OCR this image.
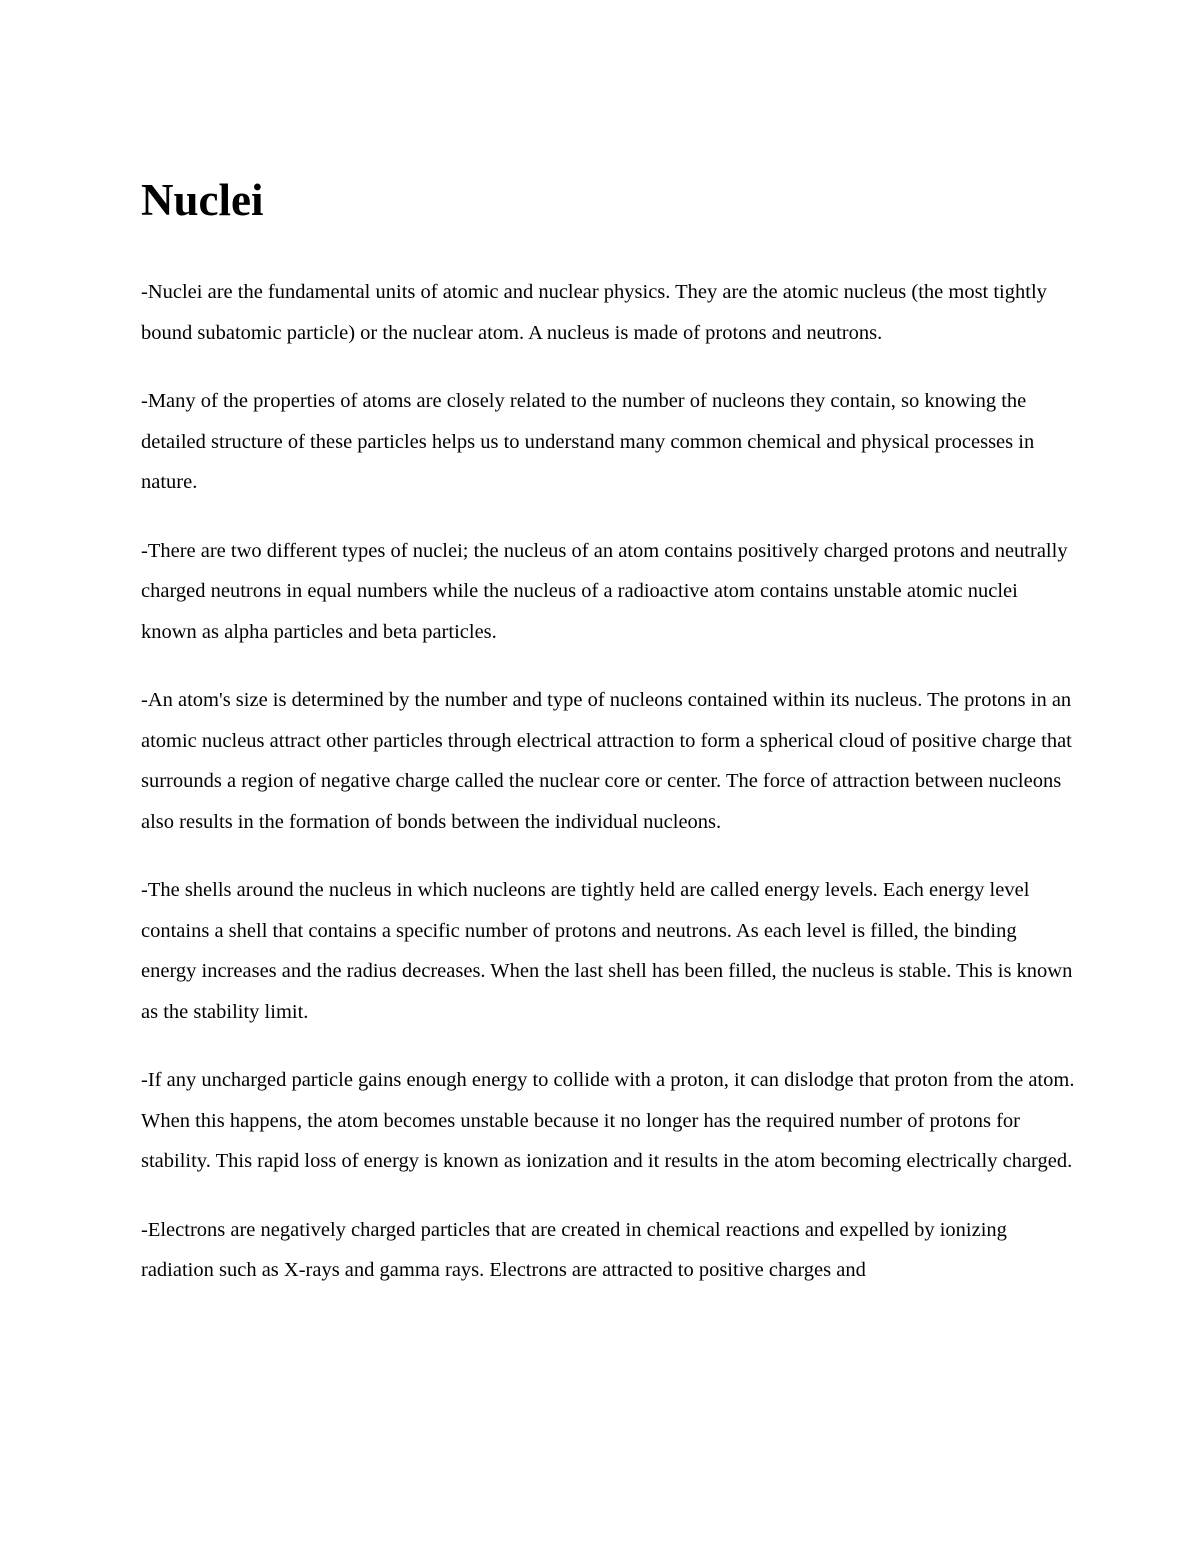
Nuclei

-Nuclei are the fundamental units of atomic and nuclear physics. They are the atomic nucleus (the most tightly bound subatomic particle) or the nuclear atom. A nucleus is made of protons and neutrons.

-Many of the properties of atoms are closely related to the number of nucleons they contain, so knowing the detailed structure of these particles helps us to understand many common chemical and physical processes in nature.

-There are two different types of nuclei; the nucleus of an atom contains positively charged protons and neutrally charged neutrons in equal numbers while the nucleus of a radioactive atom contains unstable atomic nuclei known as alpha particles and beta particles.

-An atom's size is determined by the number and type of nucleons contained within its nucleus. The protons in an atomic nucleus attract other particles through electrical attraction to form a spherical cloud of positive charge that surrounds a region of negative charge called the nuclear core or center. The force of attraction between nucleons also results in the formation of bonds between the individual nucleons.

-The shells around the nucleus in which nucleons are tightly held are called energy levels. Each energy level contains a shell that contains a specific number of protons and neutrons. As each level is filled, the binding energy increases and the radius decreases. When the last shell has been filled, the nucleus is stable. This is known as the stability limit.

-If any uncharged particle gains enough energy to collide with a proton, it can dislodge that proton from the atom. When this happens, the atom becomes unstable because it no longer has the required number of protons for stability. This rapid loss of energy is known as ionization and it results in the atom becoming electrically charged.

-Electrons are negatively charged particles that are created in chemical reactions and expelled by ionizing radiation such as X-rays and gamma rays. Electrons are attracted to positive charges and
